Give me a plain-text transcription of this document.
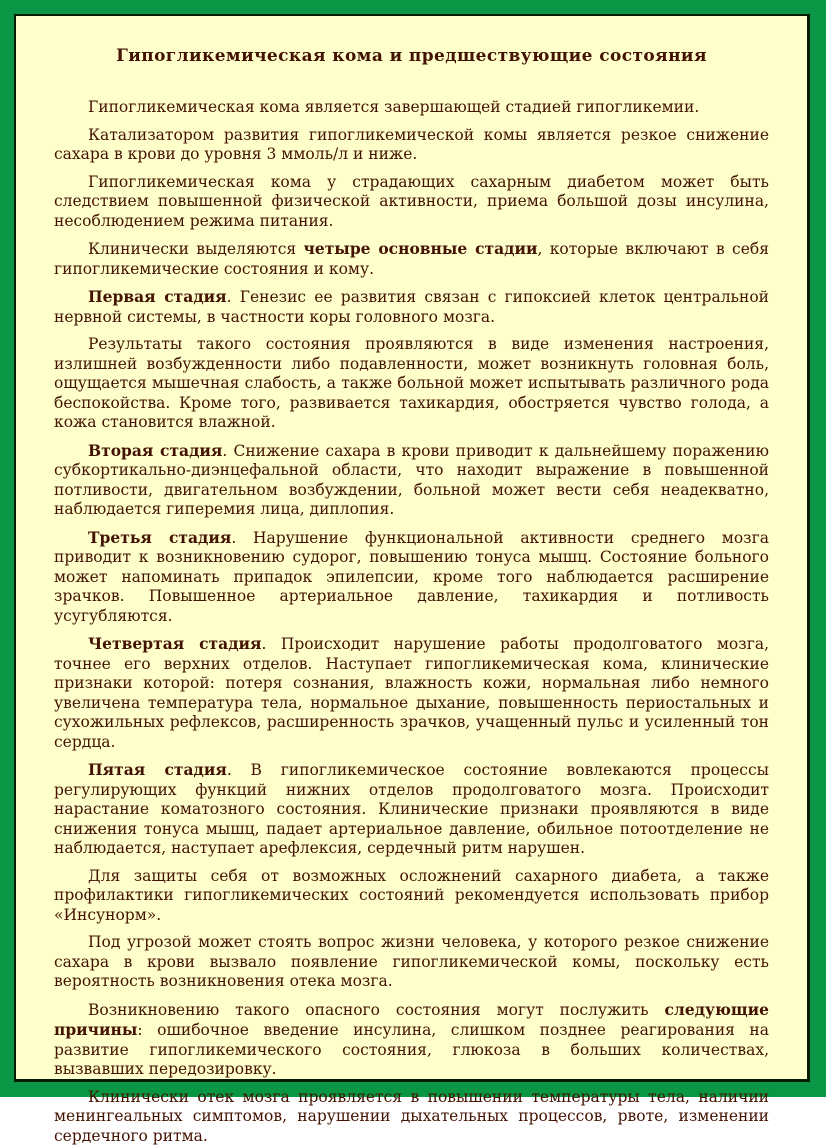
Гипогликемическая кома и предшествующие состояния

Гипогликемическая кома является завершающей стадией гипогликемии.

Катализатором развития гипогликемической комы является резкое снижение сахара в крови до уровня 3 ммоль/л и ниже.

Гипогликемическая кома у страдающих сахарным диабетом может быть следствием повышенной физической активности, приема большой дозы инсулина, несоблюдением режима питания.

Клинически выделяются четыре основные стадии, которые включают в себя гипогликемические состояния и кому.

Первая стадия. Генезис ее развития связан с гипоксией клеток центральной нервной системы, в частности коры головного мозга.

Результаты такого состояния проявляются в виде изменения настроения, излишней возбужденности либо подавленности, может возникнуть головная боль, ощущается мышечная слабость, а также больной может испытывать различного рода беспокойства. Кроме того, развивается тахикардия, обостряется чувство голода, а кожа становится влажной.

Вторая стадия. Снижение сахара в крови приводит к дальнейшему поражению субкортикально-диэнцефальной области, что находит выражение в повышенной потливости, двигательном возбуждении, больной может вести себя неадекватно, наблюдается гиперемия лица, диплопия.

Третья стадия. Нарушение функциональной активности среднего мозга приводит к возникновению судорог, повышению тонуса мышц. Состояние больного может напоминать припадок эпилепсии, кроме того наблюдается расширение зрачков. Повышенное артериальное давление, тахикардия и потливость усугубляются.

Четвертая стадия. Происходит нарушение работы продолговатого мозга, точнее его верхних отделов. Наступает гипогликемическая кома, клинические признаки которой: потеря сознания, влажность кожи, нормальная либо немного увеличена температура тела, нормальное дыхание, повышенность периостальных и сухожильных рефлексов, расширенность зрачков, учащенный пульс и усиленный тон сердца.

Пятая стадия. В гипогликемическое состояние вовлекаются процессы регулирующих функций нижних отделов продолговатого мозга. Происходит нарастание коматозного состояния. Клинические признаки проявляются в виде снижения тонуса мышц, падает артериальное давление, обильное потоотделение не наблюдается, наступает арефлексия, сердечный ритм нарушен.

Для защиты себя от возможных осложнений сахарного диабета, а также профилактики гипогликемических состояний рекомендуется использовать прибор «Инсунорм».

Под угрозой может стоять вопрос жизни человека, у которого резкое снижение сахара в крови вызвало появление гипогликемической комы, поскольку есть вероятность возникновения отека мозга.

Возникновению такого опасного состояния могут послужить следующие причины: ошибочное введение инсулина, слишком позднее реагирования на развитие гипогликемического состояния, глюкоза в больших количествах, вызвавших передозировку.

Клинически отек мозга проявляется в повышении температуры тела, наличии менингеальных симптомов, нарушении дыхательных процессов, рвоте, изменении сердечного ритма.
